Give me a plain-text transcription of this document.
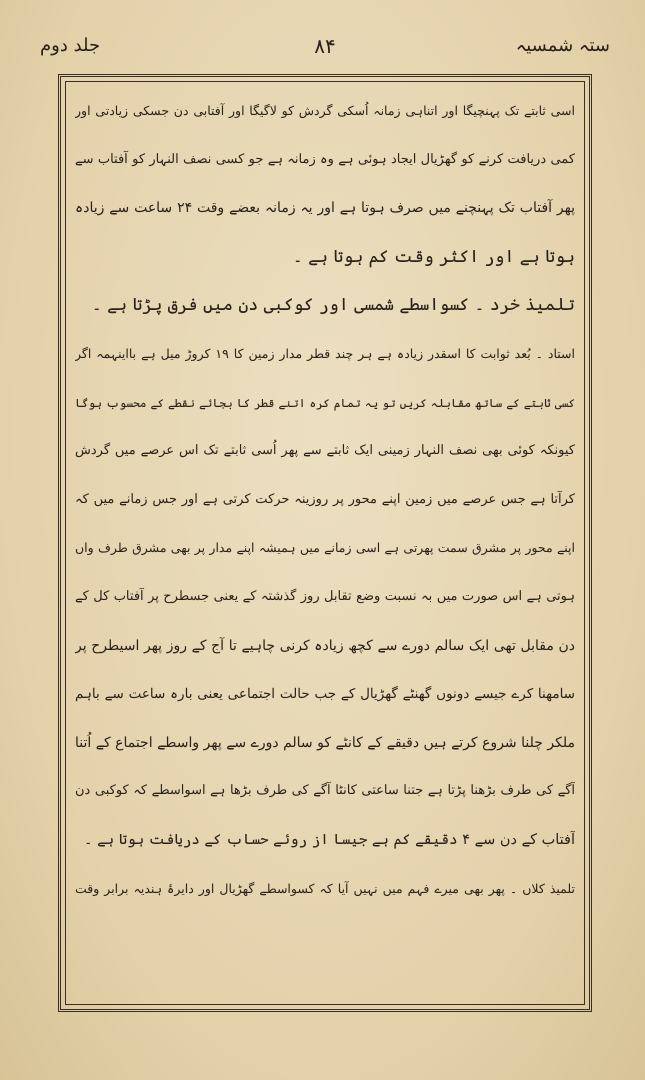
ستہ شمسیہ
۸۴
جلد دوم
اسی ثابتے تک پہنچیگا اور اتناہی زمانہ اُسکی گردش کو لاگیگا اور آفتابی دن جسکی زیادتی اور
کمی دریافت کرنے کو گھڑیال ایجاد ہوئی ہے وہ زمانہ ہے جو کسی نصف النہار کو آفتاب سے
پھر آفتاب تک پہنچنے میں صرف ہوتا ہے اور یہ زمانہ بعضے وقت ۲۴ ساعت سے زیادہ
ہوتا ہے اور اکثر وقت کم ہوتا ہے ۔
تلمیذ خرد ۔ کسواسطے شمسی اور کوکبی دن میں فرق پڑتا ہے ۔
استاد ۔ بُعد ثوابت کا اسقدر زیادہ ہے ہر چند قطر مدار زمین کا ۱۹ کروڑ میل ہے بااینہمہ اگر
کسی ثابتے کے ساتھ مقابلہ کریں تو یہ تمام کرہ اتنے قطر کا بجائے نقطے کے محسوب ہوگا
کیونکہ کوئی بھی نصف النہار زمینی ایک ثابتے سے پھر اُسی ثابتے تک اس عرصے میں گردش
کرآتا ہے جس عرصے میں زمین اپنے محور پر روزینہ حرکت کرتی ہے اور جس زمانے میں کہ
اپنے محور پر مشرق سمت پھرتی ہے اسی زمانے میں ہمیشہ اپنے مدار پر بھی مشرق طرف واں
ہوتی ہے اس صورت میں بہ نسبت وضع تقابل روز گذشتہ کے یعنی جسطرح پر آفتاب کل کے
دن مقابل تھی ایک سالم دورے سے کچھ زیادہ کرنی چاہیے تا آج کے روز پھر اسیطرح پر
سامھنا کرے جیسے دونوں گھنٹے گھڑیال کے جب حالت اجتماعی یعنی بارہ ساعت سے باہم
ملکر چلنا شروع کرتے ہیں دقیقے کے کانٹے کو سالم دورے سے پھر واسطے اجتماع کے اُتنا
آگے کی طرف بڑھنا پڑتا ہے جتنا ساعتی کانٹا آگے کی طرف بڑھا ہے اسواسطے کہ کوکبی دن
آفتاب کے دن سے ۴ دقیقے کم ہے جیسا از روئے حساب کے دریافت ہوتا ہے ۔
تلمیذ کلاں ۔ پھر بھی میرے فہم میں نہیں آیا کہ کسواسطے گھڑیال اور دایرۂ ہندیہ برابر وقت
